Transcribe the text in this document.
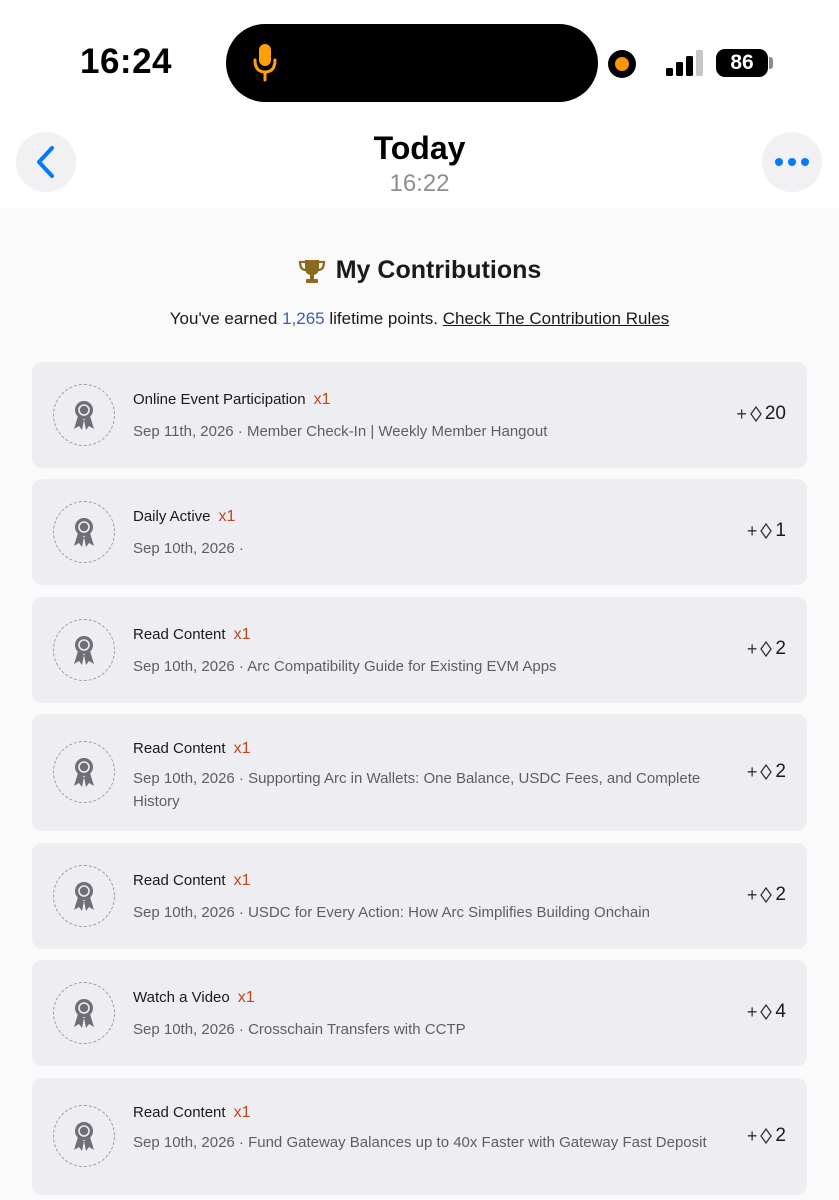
16:24	86
Today
16:22
My Contributions
You've earned 1,265 lifetime points. Check The Contribution Rules
Online Event Participation x1
Sep 11th, 2026 · Member Check-In | Weekly Member Hangout
+ 20
Daily Active x1
Sep 10th, 2026 ·
+ 1
Read Content x1
Sep 10th, 2026 · Arc Compatibility Guide for Existing EVM Apps
+ 2
Read Content x1
Sep 10th, 2026 · Supporting Arc in Wallets: One Balance, USDC Fees, and Complete History
+ 2
Read Content x1
Sep 10th, 2026 · USDC for Every Action: How Arc Simplifies Building Onchain
+ 2
Watch a Video x1
Sep 10th, 2026 · Crosschain Transfers with CCTP
+ 4
Read Content x1
Sep 10th, 2026 · Fund Gateway Balances up to 40x Faster with Gateway Fast Deposit	+ 2
